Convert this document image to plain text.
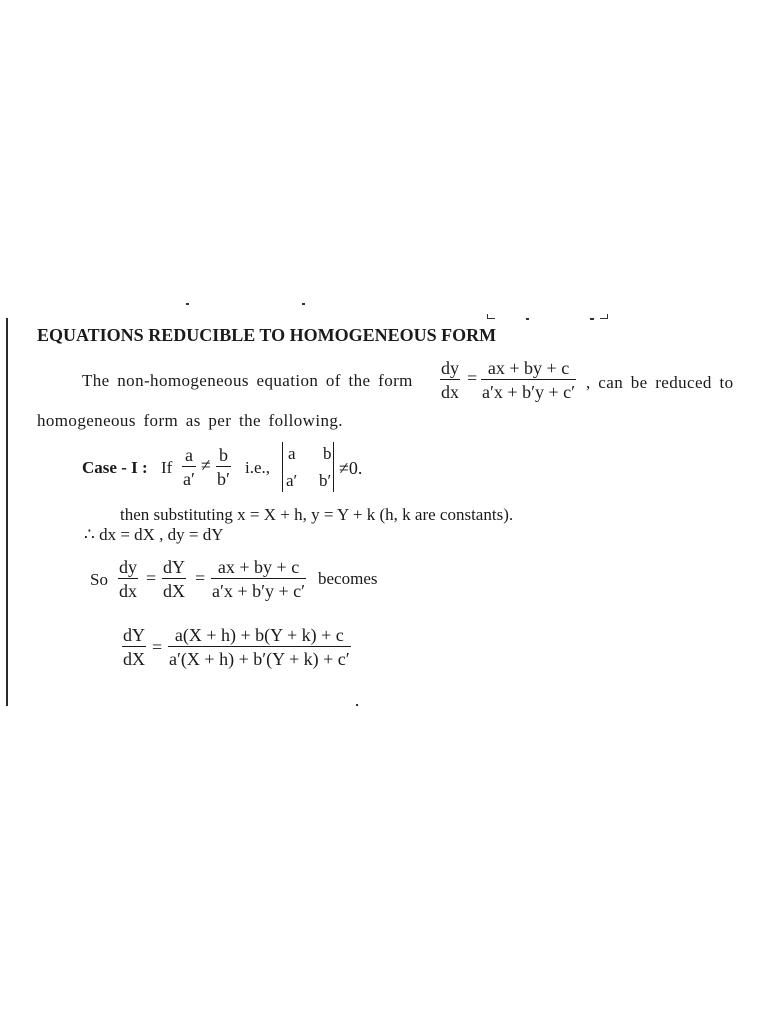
EQUATIONS REDUCIBLE TO HOMOGENEOUS FORM
The non-homogeneous equation of the form
dy
dx
= ax + by + c
a′x + b′y + c′ , can be reduced to
homogeneous form as per the following.
Case - I : If
a
a′
≠ b
b′
i.e.,
a b
a′ b′
≠0.
then substituting x = X + h, y = Y + k (h, k are constants).
∴ dx = dX , dy = dY
So
dy
dx
=
dY
dX
=
ax + by + c
a′x + b′y + c′
becomes
dY
dX
=
a(X + h) + b(Y + k) + c
a′(X + h) + b′(Y + k) + c′
